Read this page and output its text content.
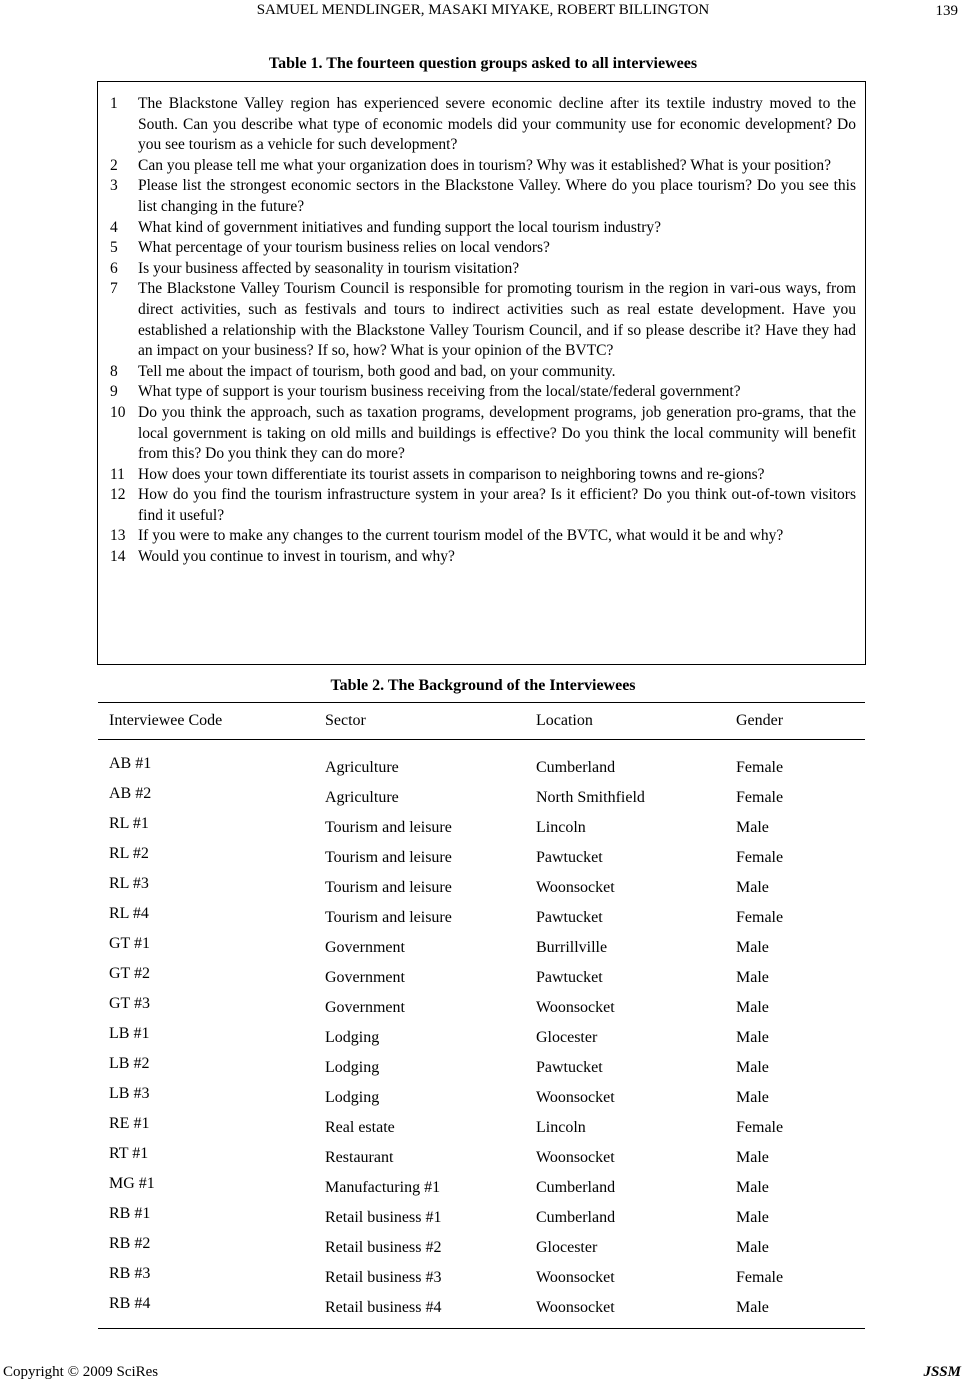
SAMUEL MENDLINGER, MASAKI MIYAKE, ROBERT BILLINGTON	139
Table 1. The fourteen question groups asked to all interviewees
1	The Blackstone Valley region has experienced severe economic decline after its textile industry moved to the South. Can you describe what type of economic models did your community use for economic development? Do you see tourism as a vehicle for such development?
2	Can you please tell me what your organization does in tourism? Why was it established? What is your position?
3	Please list the strongest economic sectors in the Blackstone Valley. Where do you place tourism? Do you see this list changing in the future?
4	What kind of government initiatives and funding support the local tourism industry?
5	What percentage of your tourism business relies on local vendors?
6	Is your business affected by seasonality in tourism visitation?
7	The Blackstone Valley Tourism Council is responsible for promoting tourism in the region in vari-ous ways, from direct activities, such as festivals and tours to indirect activities such as real estate development. Have you established a relationship with the Blackstone Valley Tourism Council, and if so please describe it? Have they had an impact on your business? If so, how? What is your opinion of the BVTC?
8	Tell me about the impact of tourism, both good and bad, on your community.
9	What type of support is your tourism business receiving from the local/state/federal government?
10 Do you think the approach, such as taxation programs, development programs, job generation pro-grams, that the local government is taking on old mills and buildings is effective? Do you think the local community will benefit from this? Do you think they can do more?
11 How does your town differentiate its tourist assets in comparison to neighboring towns and re-gions?
12 How do you find the tourism infrastructure system in your area? Is it efficient? Do you think out-of-town visitors find it useful?
13 If you were to make any changes to the current tourism model of the BVTC, what would it be and why?
14 Would you continue to invest in tourism, and why?
Table 2. The Background of the Interviewees
Interviewee Code	Sector	Location	Gender
AB #1	Agriculture	Cumberland	Female
AB #2	Agriculture	North Smithfield	Female
RL #1	Tourism and leisure	Lincoln	Male
RL #2	Tourism and leisure	Pawtucket	Female
RL #3	Tourism and leisure	Woonsocket	Male
RL #4	Tourism and leisure	Pawtucket	Female
GT #1	Government	Burrillville	Male
GT #2	Government	Pawtucket	Male
GT #3	Government	Woonsocket	Male
LB #1	Lodging	Glocester	Male
LB #2	Lodging	Pawtucket	Male
LB #3	Lodging	Woonsocket	Male
RE #1	Real estate	Lincoln	Female
RT #1	Restaurant	Woonsocket	Male
MG #1	Manufacturing #1	Cumberland	Male
RB #1	Retail business #1	Cumberland	Male
RB #2	Retail business #2	Glocester	Male
RB #3	Retail business #3	Woonsocket	Female
RB #4	Retail business #4	Woonsocket	Male
Copyright © 2009 SciRes	JSSM
